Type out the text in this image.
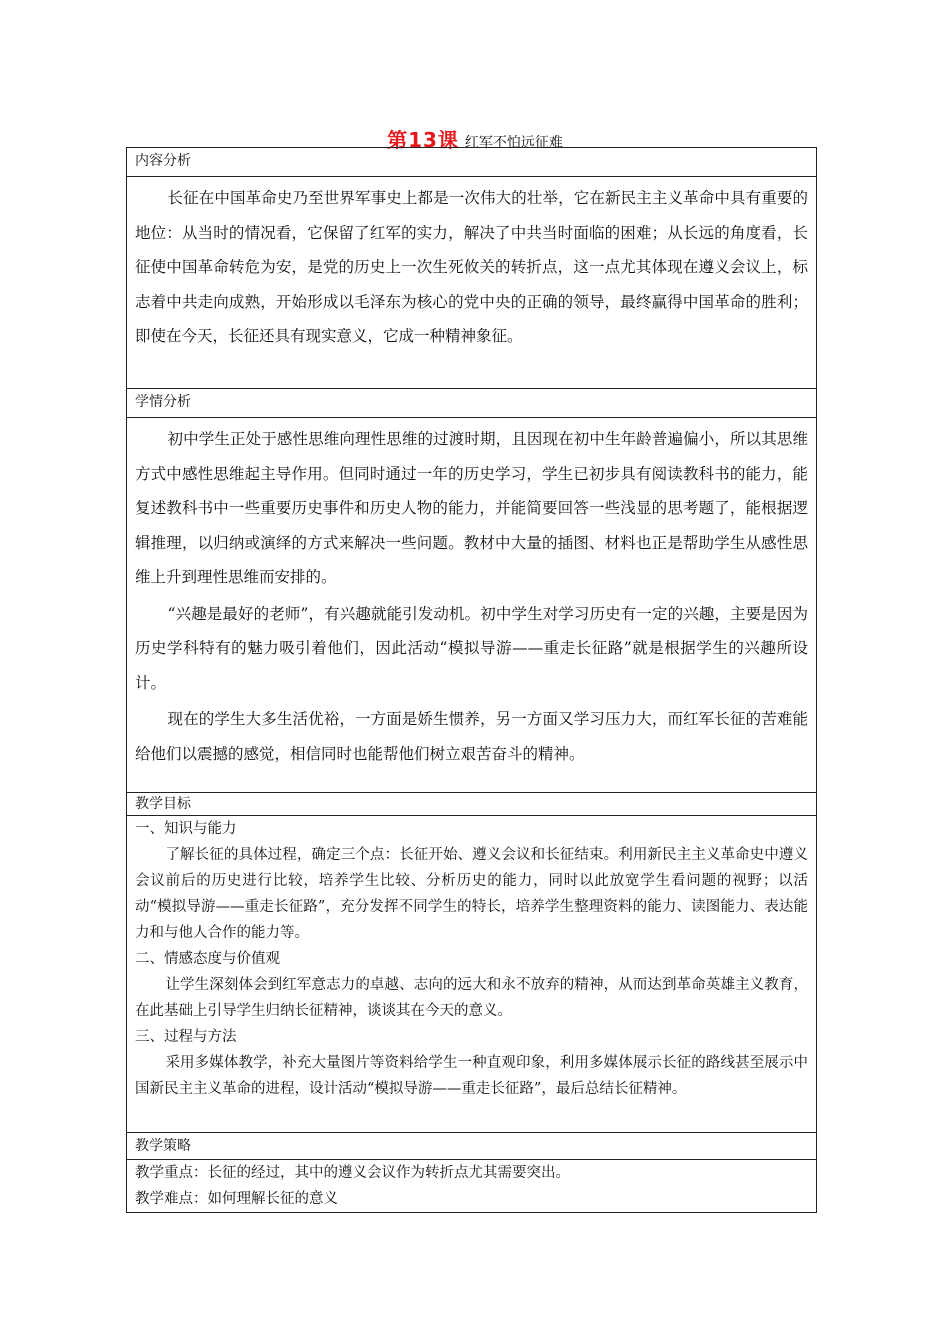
第13课 红军不怕远征难
内容分析

长征在中国革命史乃至世界军事史上都是一次伟大的壮举，它在新民主主义革命中具有重要的地位：从当时的情况看，它保留了红军的实力，解决了中共当时面临的困难；从长远的角度看，长征使中国革命转危为安，是党的历史上一次生死攸关的转折点，这一点尤其体现在遵义会议上，标志着中共走向成熟，开始形成以毛泽东为核心的党中央的正确的领导，最终赢得中国革命的胜利；即使在今天，长征还具有现实意义，它成一种精神象征。

学情分析

初中学生正处于感性思维向理性思维的过渡时期，且因现在初中生年龄普遍偏小，所以其思维方式中感性思维起主导作用。但同时通过一年的历史学习，学生已初步具有阅读教科书的能力，能复述教科书中一些重要历史事件和历史人物的能力，并能简要回答一些浅显的思考题了，能根据逻辑推理，以归纳或演绎的方式来解决一些问题。教材中大量的插图、材料也正是帮助学生从感性思维上升到理性思维而安排的。

“兴趣是最好的老师”，有兴趣就能引发动机。初中学生对学习历史有一定的兴趣，主要是因为历史学科特有的魅力吸引着他们，因此活动“模拟导游——重走长征路”就是根据学生的兴趣所设计。

现在的学生大多生活优裕，一方面是娇生惯养，另一方面又学习压力大，而红军长征的苦难能给他们以震撼的感觉，相信同时也能帮他们树立艰苦奋斗的精神。

教学目标

一、知识与能力

了解长征的具体过程，确定三个点：长征开始、遵义会议和长征结束。利用新民主主义革命史中遵义会议前后的历史进行比较，培养学生比较、分析历史的能力，同时以此放宽学生看问题的视野；以活动“模拟导游——重走长征路”，充分发挥不同学生的特长，培养学生整理资料的能力、读图能力、表达能力和与他人合作的能力等。

二、情感态度与价值观

让学生深刻体会到红军意志力的卓越、志向的远大和永不放弃的精神，从而达到革命英雄主义教育，在此基础上引导学生归纳长征精神，谈谈其在今天的意义。

三、过程与方法

采用多媒体教学，补充大量图片等资料给学生一种直观印象，利用多媒体展示长征的路线甚至展示中国新民主主义革命的进程，设计活动“模拟导游——重走长征路”，最后总结长征精神。

教学策略

教学重点：长征的经过，其中的遵义会议作为转折点尤其需要突出。

教学难点：如何理解长征的意义
